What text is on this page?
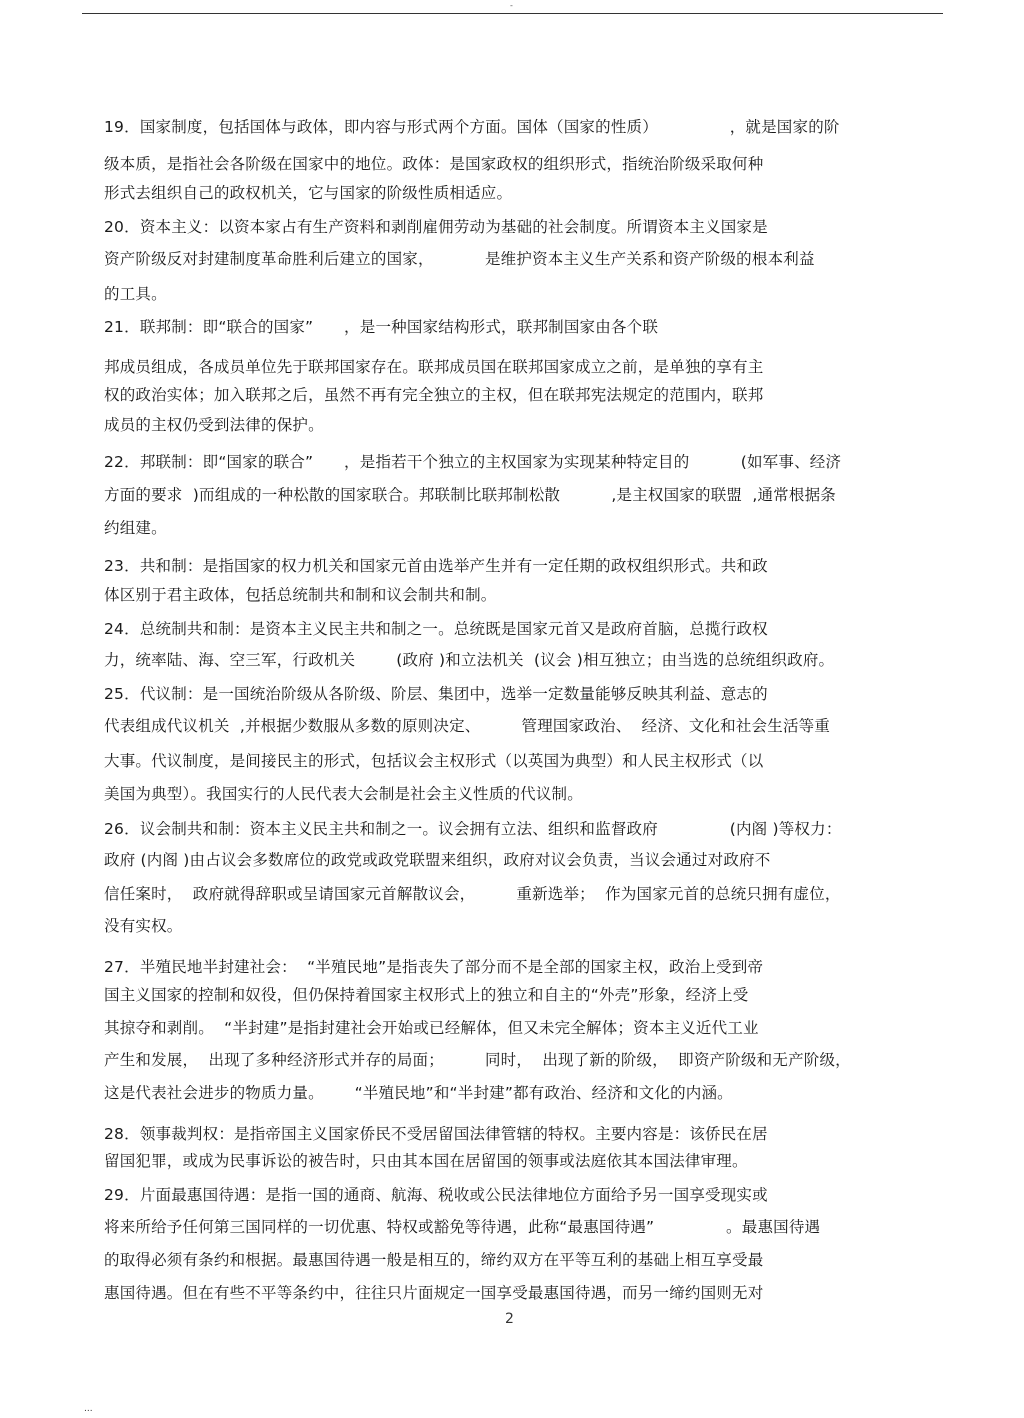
-
19．国家制度，包括国体与政体，即内容与形式两个方面。国体（国家的性质）              ，就是国家的阶
级本质，是指社会各阶级在国家中的地位。政体：是国家政权的组织形式，指统治阶级采取何种
形式去组织自己的政权机关，它与国家的阶级性质相适应。
20．资本主义：以资本家占有生产资料和剥削雇佣劳动为基础的社会制度。所谓资本主义国家是
资产阶级反对封建制度革命胜利后建立的国家，          是维护资本主义生产关系和资产阶级的根本利益
的工具。
21．联邦制：即“联合的国家”      ，是一种国家结构形式，联邦制国家由各个联
邦成员组成，各成员单位先于联邦国家存在。联邦成员国在联邦国家成立之前，是单独的享有主
权的政治实体；加入联邦之后，虽然不再有完全独立的主权，但在联邦宪法规定的范围内，联邦
成员的主权仍受到法律的保护。
22．邦联制：即“国家的联合”      ，是指若干个独立的主权国家为实现某种特定目的          (如军事、经济
方面的要求  )而组成的一种松散的国家联合。邦联制比联邦制松散          ,是主权国家的联盟  ,通常根据条
约组建。
23．共和制：是指国家的权力机关和国家元首由选举产生并有一定任期的政权组织形式。共和政
体区别于君主政体，包括总统制共和制和议会制共和制。
24．总统制共和制：是资本主义民主共和制之一。总统既是国家元首又是政府首脑，总揽行政权
力，统率陆、海、空三军，行政机关        (政府 )和立法机关  (议会 )相互独立；由当选的总统组织政府。
25．代议制：是一国统治阶级从各阶级、阶层、集团中，选举一定数量能够反映其利益、意志的
代表组成代议机关  ,并根据少数服从多数的原则决定、        管理国家政治、  经济、文化和社会生活等重
大事。代议制度，是间接民主的形式，包括议会主权形式（以英国为典型）和人民主权形式（以
美国为典型）。我国实行的人民代表大会制是社会主义性质的代议制。
26．议会制共和制：资本主义民主共和制之一。议会拥有立法、组织和监督政府              (内阁 )等权力：
政府 (内阁 )由占议会多数席位的政党或政党联盟来组织，政府对议会负责，当议会通过对政府不
信任案时，  政府就得辞职或呈请国家元首解散议会，        重新选举；  作为国家元首的总统只拥有虚位，
没有实权。
27．半殖民地半封建社会：  “半殖民地”是指丧失了部分而不是全部的国家主权，政治上受到帝
国主义国家的控制和奴役，但仍保持着国家主权形式上的独立和自主的“外壳”形象，经济上受
其掠夺和剥削。  “半封建”是指封建社会开始或已经解体，但又未完全解体；资本主义近代工业
产生和发展，  出现了多种经济形式并存的局面；        同时，  出现了新的阶级，  即资产阶级和无产阶级，
这是代表社会进步的物质力量。      “半殖民地”和“半封建”都有政治、经济和文化的内涵。
28．领事裁判权：是指帝国主义国家侨民不受居留国法律管辖的特权。主要内容是：该侨民在居
留国犯罪，或成为民事诉讼的被告时，只由其本国在居留国的领事或法庭依其本国法律审理。
29．片面最惠国待遇：是指一国的通商、航海、税收或公民法律地位方面给予另一国享受现实或
将来所给予任何第三国同样的一切优惠、特权或豁免等待遇，此称“最惠国待遇”              。最惠国待遇
的取得必须有条约和根据。最惠国待遇一般是相互的，缔约双方在平等互利的基础上相互享受最
惠国待遇。但在有些不平等条约中，往往只片面规定一国享受最惠国待遇，而另一缔约国则无对
2
...
